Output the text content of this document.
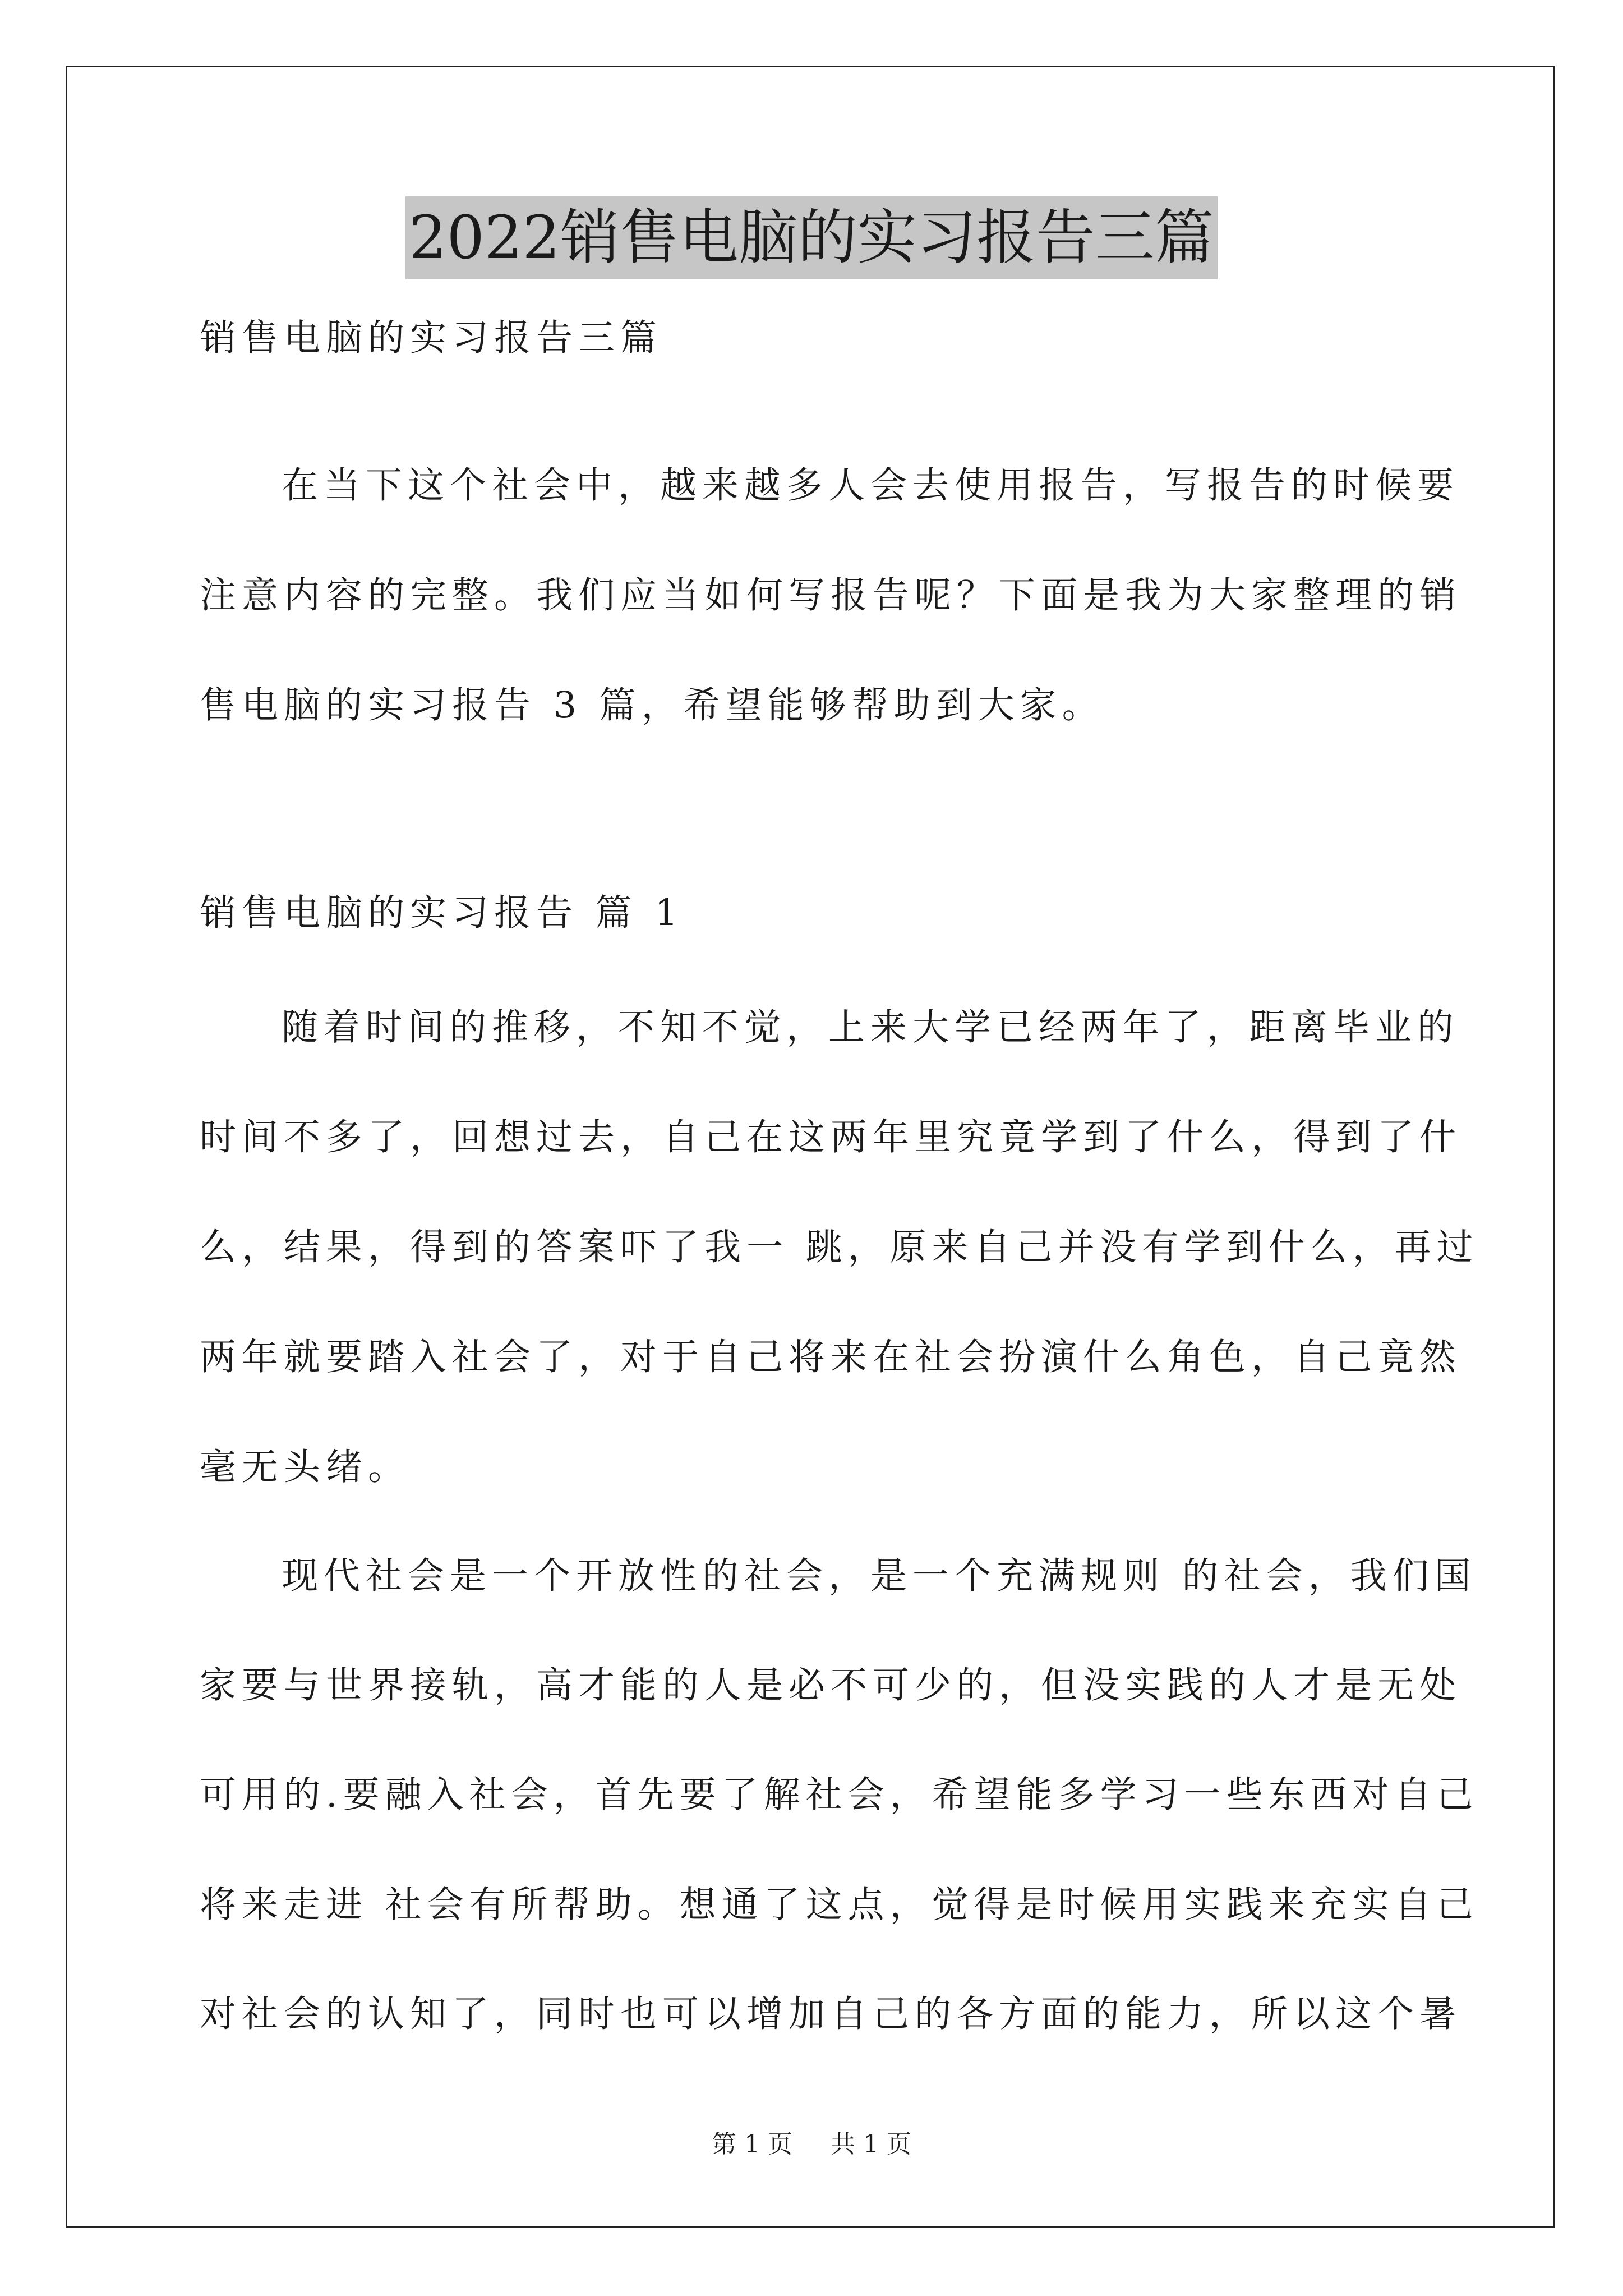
2022销售电脑的实习报告三篇
销售电脑的实习报告三篇
在当下这个社会中，越来越多人会去使用报告，写报告的时候要
注意内容的完整。我们应当如何写报告呢？下面是我为大家整理的销
售电脑的实习报告 3 篇，希望能够帮助到大家。
销售电脑的实习报告 篇 1
随着时间的推移，不知不觉，上来大学已经两年了，距离毕业的
时间不多了，回想过去，自己在这两年里究竟学到了什么，得到了什
么，结果，得到的答案吓了我一 跳，原来自己并没有学到什么，再过
两年就要踏入社会了，对于自己将来在社会扮演什么角色，自己竟然
毫无头绪。
现代社会是一个开放性的社会，是一个充满规则 的社会，我们国
家要与世界接轨，高才能的人是必不可少的，但没实践的人才是无处
可用的.要融入社会，首先要了解社会，希望能多学习一些东西对自己
将来走进 社会有所帮助。想通了这点，觉得是时候用实践来充实自己
对社会的认知了，同时也可以增加自己的各方面的能力，所以这个暑
第 1 页 共 1 页
